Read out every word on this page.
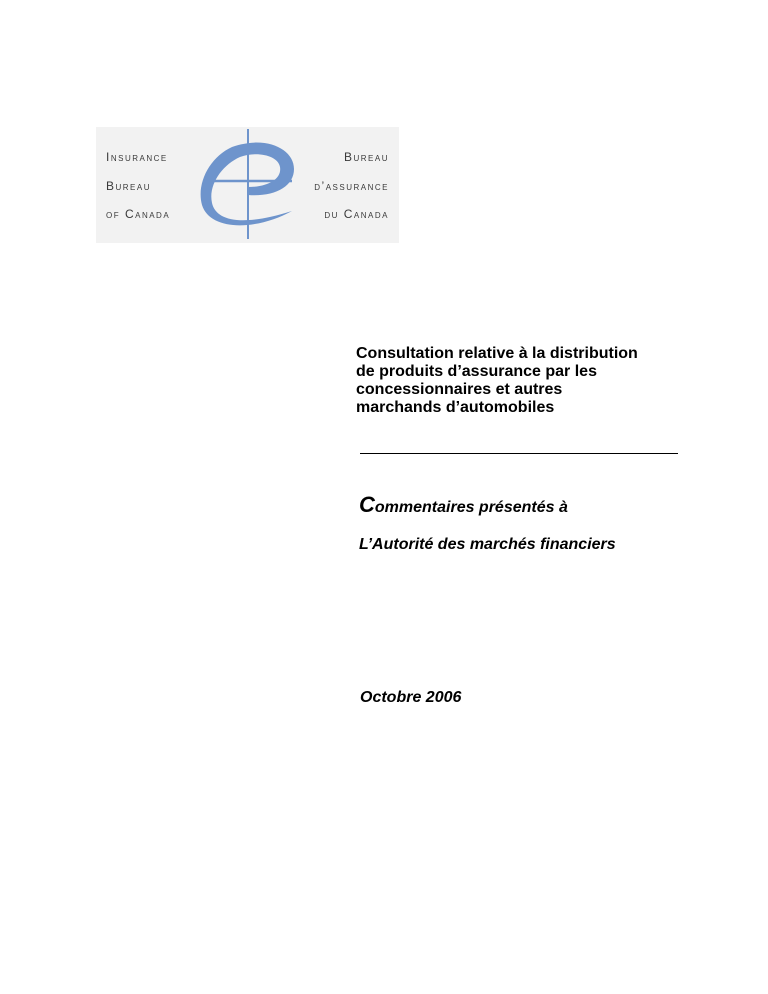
Insurance
Bureau
of Canada
Bureau
d’assurance
du Canada
Consultation relative à la distribution
de produits d’assurance par les
concessionnaires et autres
marchands d’automobiles
Commentaires présentés à
L’Autorité des marchés financiers
Octobre 2006
